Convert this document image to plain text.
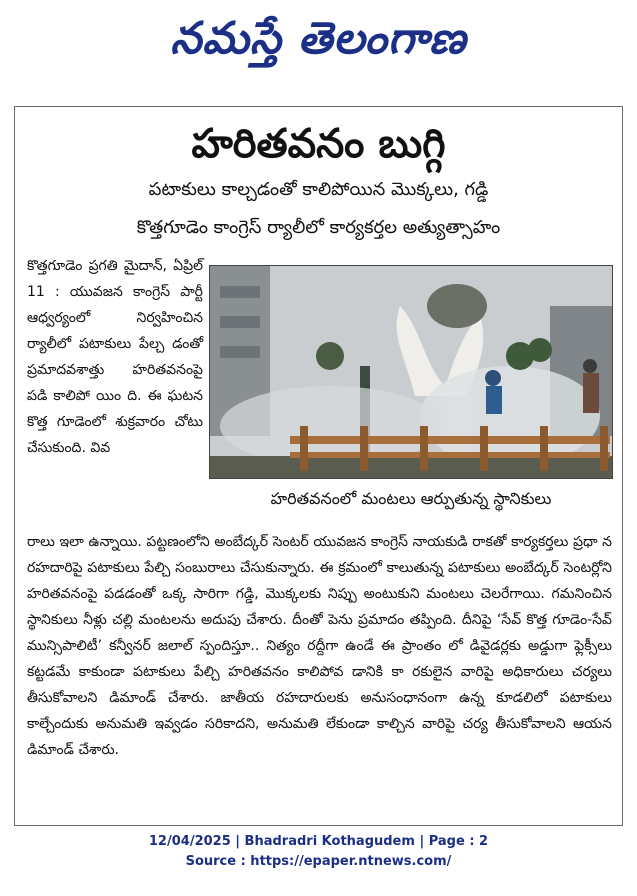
నమస్తే తెలంగాణ
హరితవనం బుగ్గి
పటాకులు కాల్చడంతో కాలిపోయిన మొక్కలు, గడ్డి
కొత్తగూడెం కాంగ్రెస్ ర్యాలీలో కార్యకర్తల అత్యుత్సాహం
కొత్తగూడెం ప్రగతి మైదాన్, ఏప్రిల్ 11 : యువజన కాంగ్రెస్ పార్టీ ఆధ్వర్యంలో నిర్వహించిన ర్యాలీలో పటాకులు పేల్చ డంతో ప్రమాదవశాత్తు హరితవనంపై పడి కాలిపో యిం ది. ఈ ఘటన కొత్త గూడెంలో శుక్రవారం చోటు చేసుకుంది. వివ
హరితవనంలో మంటలు ఆర్పుతున్న స్థానికులు
రాలు ఇలా ఉన్నాయి. పట్టణంలోని అంబేద్కర్ సెంటర్ యువజన కాంగ్రెస్ నాయకుడి రాకతో కార్యకర్తలు ప్రధా న రహదారిపై పటాకులు పేల్చి సంబురాలు చేసుకున్నారు. ఈ క్రమంలో కాలుతున్న పటాకులు అంబేద్కర్ సెంటర్లోని హరితవనంపై పడడంతో ఒక్క సారిగా గడ్డి, మొక్కలకు నిప్పు అంటుకుని మంటలు చెలరేగాయి. గమనించిన స్థానికులు నీళ్లు చల్లి మంటలను అదుపు చేశారు. దీంతో పెను ప్రమాదం తప్పింది. దీనిపై ‘సేవ్ కొత్త గూడెం-సేవ్ మున్సిపాలిటీ’ కన్వీనర్ జలాల్ స్పందిస్తూ.. నిత్యం రద్దీగా ఉండే ఈ ప్రాంతం లో డివైడర్లకు అడ్డుగా ఫ్లెక్సీలు కట్టడమే కాకుండా పటాకులు పేల్చి హరితవనం కాలిపోవ డానికి కా రకులైన వారిపై అధికారులు చర్యలు తీసుకోవాలని డిమాండ్ చేశారు. జాతీయ రహదారులకు అనుసంధానంగా ఉన్న కూడలిలో పటాకులు కాల్చేందుకు అనుమతి ఇవ్వడం సరికాదని, అనుమతి లేకుండా కాల్చిన వారిపై చర్య తీసుకోవాలని ఆయన డిమాండ్ చేశారు.
12/04/2025 | Bhadradri Kothagudem | Page : 2
Source : https://epaper.ntnews.com/
